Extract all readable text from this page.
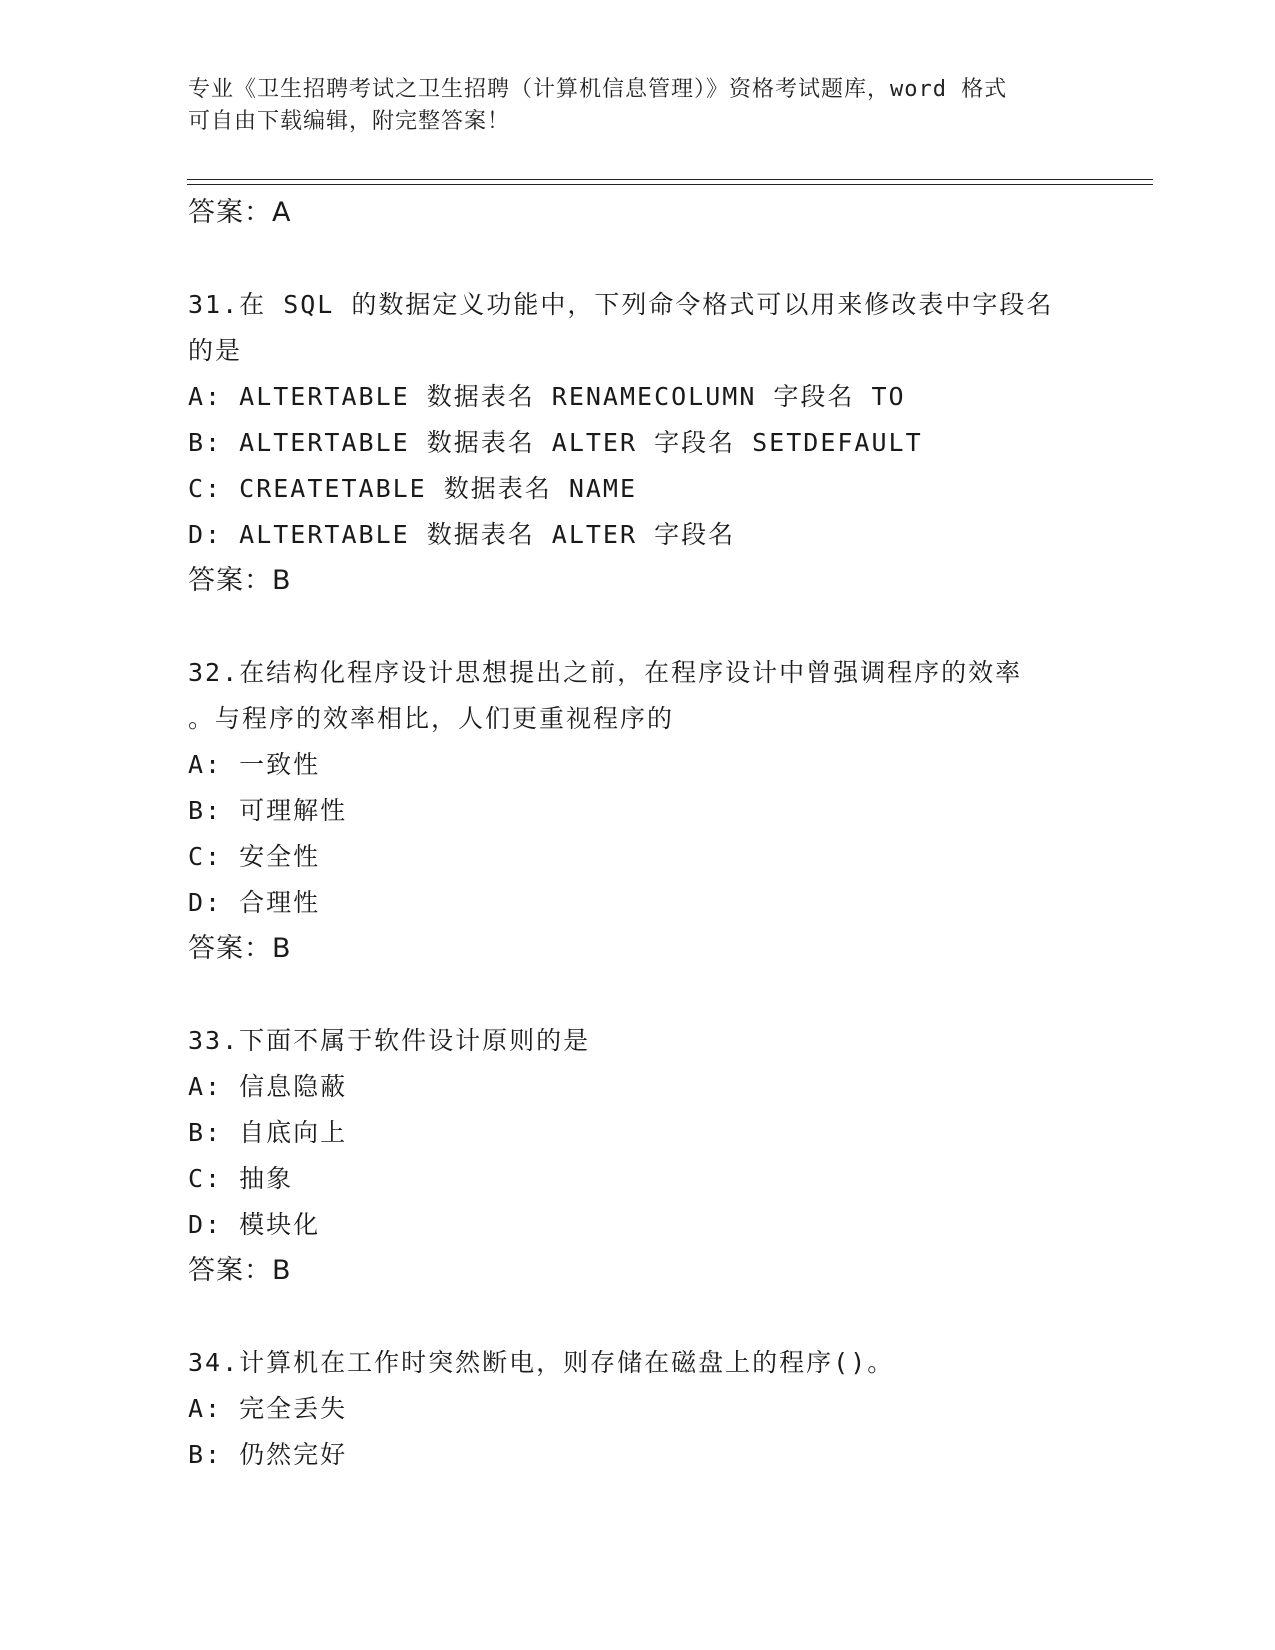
专业《卫生招聘考试之卫生招聘（计算机信息管理）》资格考试题库，word 格式
可自由下载编辑，附完整答案！
答案：A
31.在 SQL 的数据定义功能中，下列命令格式可以用来修改表中字段名
的是
A: ALTERTABLE 数据表名 RENAMECOLUMN 字段名 TO
B: ALTERTABLE 数据表名 ALTER 字段名 SETDEFAULT
C: CREATETABLE 数据表名 NAME
D: ALTERTABLE 数据表名 ALTER 字段名
答案：B
32.在结构化程序设计思想提出之前，在程序设计中曾强调程序的效率
。与程序的效率相比，人们更重视程序的
A: 一致性
B: 可理解性
C: 安全性
D: 合理性
答案：B
33.下面不属于软件设计原则的是
A: 信息隐蔽
B: 自底向上
C: 抽象
D: 模块化
答案：B
34.计算机在工作时突然断电，则存储在磁盘上的程序()。
A: 完全丢失
B: 仍然完好
